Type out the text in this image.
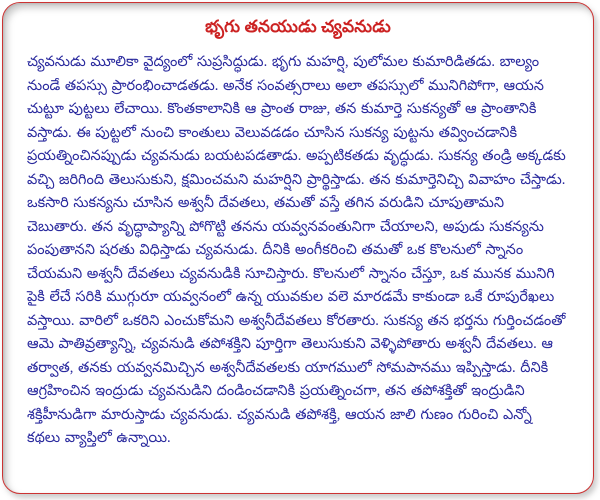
భృగు తనయుడు చ్యవనుడు

చ్యవనుడు మూలికా వైద్యంలో సుప్రసిద్ధుడు. భృగు మహర్షి, పులోమల కుమారిడితడు. బాల్యం నుండే తపస్సు ప్రారంభించాడతడు. అనేక సంవత్సరాలు అలా తపస్సులో మునిగిపోగా, ఆయన చుట్టూ పుట్టలు లేచాయి. కొంతకాలానికి ఆ ప్రాంత రాజు, తన కుమార్తె సుకన్యతో ఆ ప్రాంతానికి వస్తాడు. ఈ పుట్టలో నుంచి కాంతులు వెలువడడం చూసిన సుకన్య పుట్టను తవ్వించడానికి ప్రయత్నించినప్పుడు చ్యవనుడు బయటపడతాడు. అప్పటికతడు వృద్ధుడు. సుకన్య తండ్రి అక్కడకు వచ్చి జరిగింది తెలుసుకుని, క్షమించమని మహర్షిని ప్రార్థిస్తాడు. తన కుమార్తెనిచ్చి వివాహం చేస్తాడు. ఒకసారి సుకన్యను చూసిన అశ్వనీ దేవతలు, తమతో వస్తే తగిన వరుడిని చూపుతామని చెబుతారు. తన వృద్ధాప్యాన్ని పోగొట్టి తనను యవ్వనవంతునిగా చేయాలని, అపుడు సుకన్యను పంపుతానని షరతు విధిస్తాడు చ్యవనుడు. దీనికి అంగీకరించి తమతో ఒక కొలనులో స్నానం చేయమని అశ్వనీ దేవతలు చ్యవనుడికి సూచిస్తారు. కొలనులో స్నానం చేస్తూ, ఒక మునక మునిగి పైకి లేచే సరికి ముగ్గురూ యవ్వనంలో ఉన్న యువకుల వలె మారడమే కాకుండా ఒకే రూపురేఖలు వస్తాయి. వారిలో ఒకరిని ఎంచుకోమని అశ్వనీదేవతలు కోరతారు. సుకన్య తన భర్తను గుర్తించడంతో ఆమె పాతివ్రత్యాన్ని, చ్యవనుడి తపోశక్తిని పూర్తిగా తెలుసుకుని వెళ్ళిపోతారు అశ్వనీ దేవతలు. ఆ తర్వాత, తనకు యవ్వనమిచ్చిన అశ్వనీదేవతలకు యాగములో సోమపానము ఇప్పిస్తాడు. దీనికి ఆగ్రహించిన ఇంద్రుడు చ్యవనుడిని దండించడానికి ప్రయత్నించగా, తన తపోశక్తితో ఇంద్రుడిని శక్తిహీనుడిగా మారుస్తాడు చ్యవనుడు. చ్యవనుడి తపోశక్తి, ఆయన జాలి గుణం గురించి ఎన్నో కథలు వ్యాప్తిలో ఉన్నాయి.
